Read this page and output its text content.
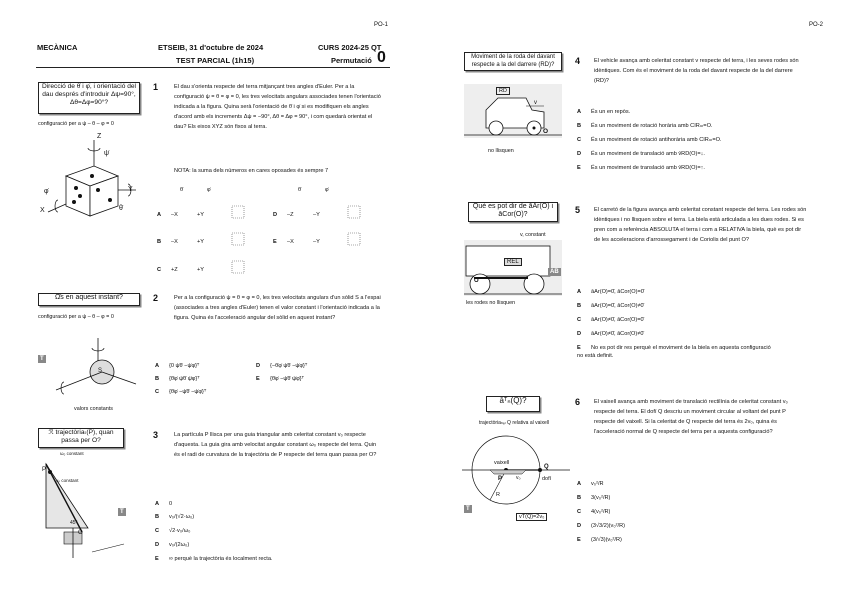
PO-1
MECÀNICA	ETSEIB, 31 d'octubre de 2024
TEST PARCIAL (1h15)
CURS 2024-25 QT
Permutació 0
Direcció de θ̇ i φ̇, i orientació del dau després d'introduir Δψ=90°, Δθ=Δφ=90°?
configuració per a ψ – θ – φ = 0
Z
ψ̇
X
Y
φ̇
θ̇
1	El dau s'orienta respecte del terra mitjançant tres angles d'Euler. Per a la configuració ψ = θ = φ = 0, les tres velocitats angulars associades tenen l'orientació indicada a la figura. Quina serà l'orientació de θ̇ i φ̇ si es modifiquen els angles d'acord amb els increments Δψ = −90°, Δθ = Δφ = 90°, i com quedarà orientat el dau? Els eixos XYZ són fixos al terra.
NOTA: la suma dels números en cares oposades és sempre 7
θ̇	φ̇	θ̇	φ̇
A –X	+Y
B –X	+Y
C +Z	+Y
D –Z	–Y
E –X	–Y
Ω̄s en aquest instant?
configuració per a ψ – θ – φ = 0
T
S
valors constants
2	Per a la configuració ψ = θ = φ = 0, les tres velocitats angulars d'un sòlid S a l'espai (associades a tres angles d'Euler) tenen el valor constant i l'orientació indicada a la figura. Quina és l'acceleració angular del sòlid en aquest instant?
A {0 ψ̇θ̇ −ψ̇φ̇}ᵀ
B {θ̇φ̇ ψ̇θ̇ ψ̇φ̇}ᵀ
C {θ̇φ̇ −ψ̇θ̇ −ψ̇φ̇}ᵀ
D {−θ̇φ̇ ψ̇θ̇ −ψ̇φ̇}ᵀ
E {θ̇φ̇ −ψ̇θ̇ ψ̇φ̇}ᵀ
ℛ trajectòriaₜ(P), quan passa per O?
ω₀ constant
P
vₚ constant
45°
O
T
3	La partícula P llisca per una guia triangular amb celeritat constant v₀ respecte d'aquesta. La guia gira amb velocitat angular constant ω₀ respecte del terra. Quin és el radi de curvatura de la trajectòria de P respecte del terra quan passa per O?
A 0
B v₀/(√2·ω₀)
C √2·v₀/ω₀
D v₀/(2ω₀)
E ∞ perquè la trajectòria és localment recta.
PO-2
Moviment de la roda del davant respecte a la del darrere (RD)?
RD
v
O
no llisquen
4 El vehicle avança amb celeritat constant v respecte del terra, i les seves rodes són idèntiques. Com és el moviment de la roda del davant respecte de la del darrere (RD)?
A És un en repòs.
B És un moviment de rotació horària amb CIRₘ=O.
C És un moviment de rotació antihorària amb CIRₘ=O.
D És un moviment de translació amb v̄RD(O)=↓.
E És un moviment de translació amb v̄RD(O)=↑.
Què es pot dir de āAr(O) i āCor(O)?
v, constant
REL
AB
O
les rodes no llisquen
5 El carretó de la figura avança amb celeritat constant respecte del terra. Les rodes són idèntiques i no llisquen sobre el terra. La biela està articulada a les dues rodes. Si es pren com a referència ABSOLUTA el terra i com a RELATIVA la biela, què es pot dir de les acceleracions d'arrossegament i de Coriolis del punt O?
A āAr(O)=0̄, āCor(O)=0̄
B āAr(O)=0̄, āCor(O)≠0̄
C āAr(O)≠0̄, āCor(O)=0̄
D āAr(O)≠0̄, āCor(O)≠0̄
E No es pot dir res perquè el moviment de la biela en aquesta configuració no està definit.
āᵀₙ(Q)?
trajectòriaₕₑₗ Q relativa al vaixell
vaixell
P	v₀
Q
dofí
R
T
vT(Q)=2v₀
6 El vaixell avança amb moviment de translació rectilínia de celeritat constant v₀ respecte del terra. El dofí Q descriu un moviment circular al voltant del punt P respecte del vaixell. Si la celeritat de Q respecte del terra és 2v₀, quina és l'acceleració normal de Q respecte del terra per a aquesta configuració?
A v₀²/R
B 3(v₀²/R)
C 4(v₀²/R)
D (3√3/2)(v₀²/R)
E (3/√3)(v₀²/R)
